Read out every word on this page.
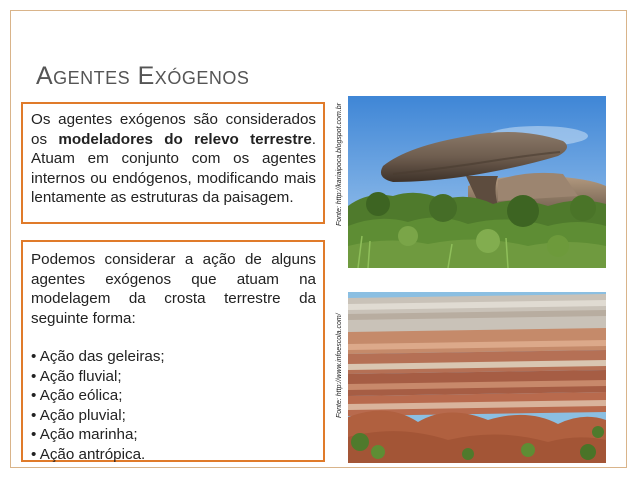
Agentes Exógenos
Os agentes exógenos são considerados os modeladores do relevo terrestre. Atuam em conjunto com os agentes internos ou endógenos, modificando mais lentamente as estruturas da paisagem.
Podemos considerar a ação de alguns agentes exógenos que atuam na modelagem da crosta terrestre da seguinte forma:
• Ação das geleiras;
• Ação fluvial;
• Ação eólica;
• Ação pluvial;
• Ação marinha;
• Ação antrópica.
Fonte: http://kariaipoca.blogspot.com.br
Fonte: http://www.infoescola.com/
